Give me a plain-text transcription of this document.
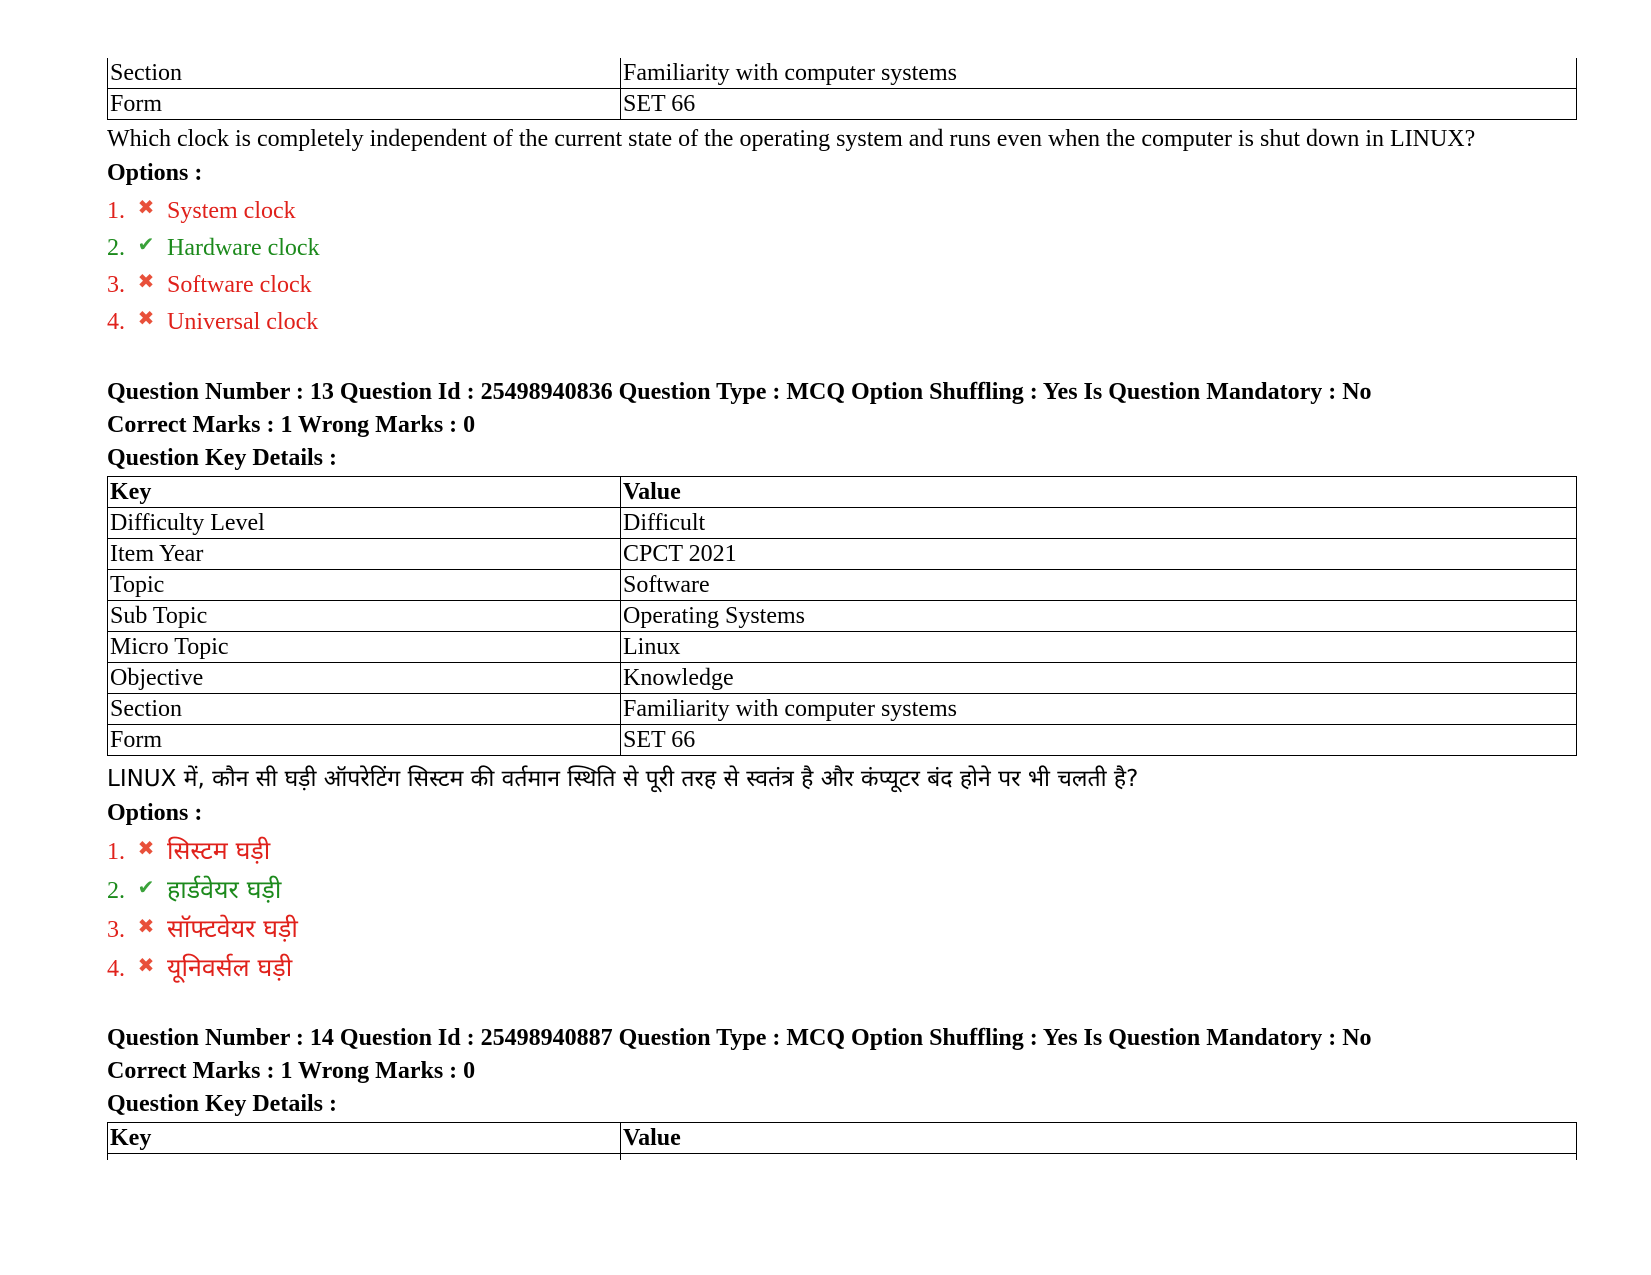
Section	Familiarity with computer systems
Form	SET 66
Which clock is completely independent of the current state of the operating system and runs even when the computer is shut down in LINUX?
Options :
1. ✖ System clock
2. ✔ Hardware clock
3. ✖ Software clock
4. ✖ Universal clock
Question Number : 13 Question Id : 25498940836 Question Type : MCQ Option Shuffling : Yes Is Question Mandatory : No
Correct Marks : 1 Wrong Marks : 0
Question Key Details :
Key	Value
Difficulty Level	Difficult
Item Year	CPCT 2021
Topic	Software
Sub Topic	Operating Systems
Micro Topic	Linux
Objective	Knowledge
Section	Familiarity with computer systems
Form	SET 66
LINUX में, कौन सी घड़ी ऑपरेटिंग सिस्टम की वर्तमान स्थिति से पूरी तरह से स्वतंत्र है और कंप्यूटर बंद होने पर भी चलती है?
Options :
1. ✖ सिस्टम घड़ी
2. ✔ हार्डवेयर घड़ी
3. ✖ सॉफ्टवेयर घड़ी
4. ✖ यूनिवर्सल घड़ी
Question Number : 14 Question Id : 25498940887 Question Type : MCQ Option Shuffling : Yes Is Question Mandatory : No
Correct Marks : 1 Wrong Marks : 0
Question Key Details :
Key	Value
